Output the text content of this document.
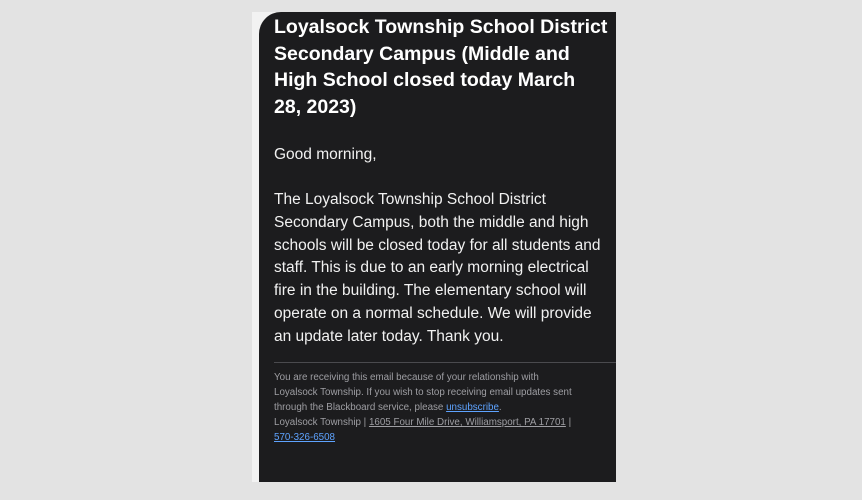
Loyalsock Township School District
Secondary Campus (Middle and
High School closed today March
28, 2023)

Good morning,

The Loyalsock Township School District
Secondary Campus, both the middle and high
schools will be closed today for all students and
staff. This is due to an early morning electrical
fire in the building. The elementary school will
operate on a normal schedule. We will provide
an update later today. Thank you.

You are receiving this email because of your relationship with
Loyalsock Township. If you wish to stop receiving email updates sent
through the Blackboard service, please unsubscribe.
Loyalsock Township | 1605 Four Mile Drive, Williamsport, PA 17701 |
570-326-6508
